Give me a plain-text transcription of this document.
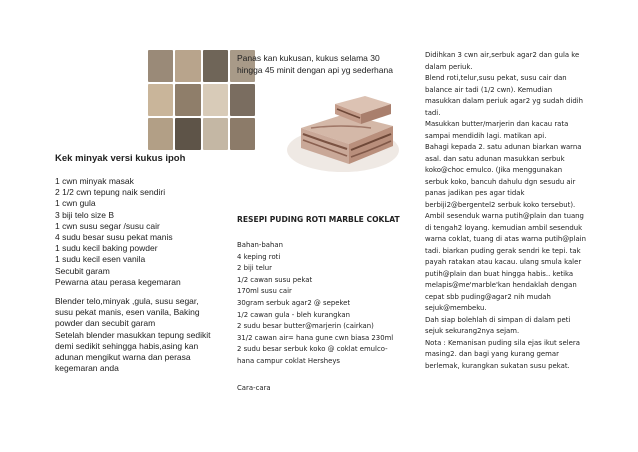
Kek minyak versi kukus ipoh
1 cwn minyak masak
2 1/2 cwn tepung naik sendiri
1 cwn gula
3 biji telo size B
1 cwn susu segar /susu cair
4 sudu besar susu pekat manis
1 sudu kecil baking powder
1 sudu kecil esen vanila
Secubit garam
Pewarna atau perasa kegemaran
Blender telo,minyak ,gula, susu segar,
susu pekat manis, esen vanila, Baking
powder dan secubit garam
Setelah blender masukkan tepung sedikit
demi sedikit sehingga habis,asing kan
adunan mengikut warna dan perasa
kegemaran anda
Panas kan kukusan, kukus selama 30
hingga 45 minit dengan api yg sederhana
RESEPI PUDING ROTI MARBLE COKLAT
Bahan-bahan
4 keping roti
2 biji telur
1/2 cawan susu pekat
170ml susu cair
30gram serbuk agar2 @ sepeket
1/2 cawan gula - bleh kurangkan
2 sudu besar butter@marjerin (cairkan)
31/2 cawan air= hana gune cwn biasa 230ml
2 sudu besar serbuk koko @ coklat emulco-
hana campur coklat Hersheys
Cara-cara
Didihkan 3 cwn air,serbuk agar2 dan gula ke
dalam periuk.
Blend roti,telur,susu pekat, susu cair dan
balance air tadi (1/2 cwn). Kemudian
masukkan dalam periuk agar2 yg sudah didih
tadi.
Masukkan butter/marjerin dan kacau rata
sampai mendidih lagi. matikan api.
Bahagi kepada 2. satu adunan biarkan warna
asal. dan satu adunan masukkan serbuk
koko@choc emulco. (Jika menggunakan
serbuk koko, bancuh dahulu dgn sesudu air
panas jadikan pes agar tidak
berbiji2@bergentel2 serbuk koko tersebut).
Ambil sesenduk warna putih@plain dan tuang
di tengah2 loyang. kemudian ambil sesenduk
warna coklat, tuang di atas warna putih@plain
tadi. biarkan puding gerak sendri ke tepi. tak
payah ratakan atau kacau. ulang smula kaler
putih@plain dan buat hingga habis.. ketika
melapis@me'marble'kan hendaklah dengan
cepat sbb puding@agar2 nih mudah
sejuk@membeku.
Dah siap bolehlah di simpan di dalam peti
sejuk sekurang2nya sejam.
Nota : Kemanisan puding sila ejas ikut selera
masing2. dan bagi yang kurang gemar
berlemak, kurangkan sukatan susu pekat.
